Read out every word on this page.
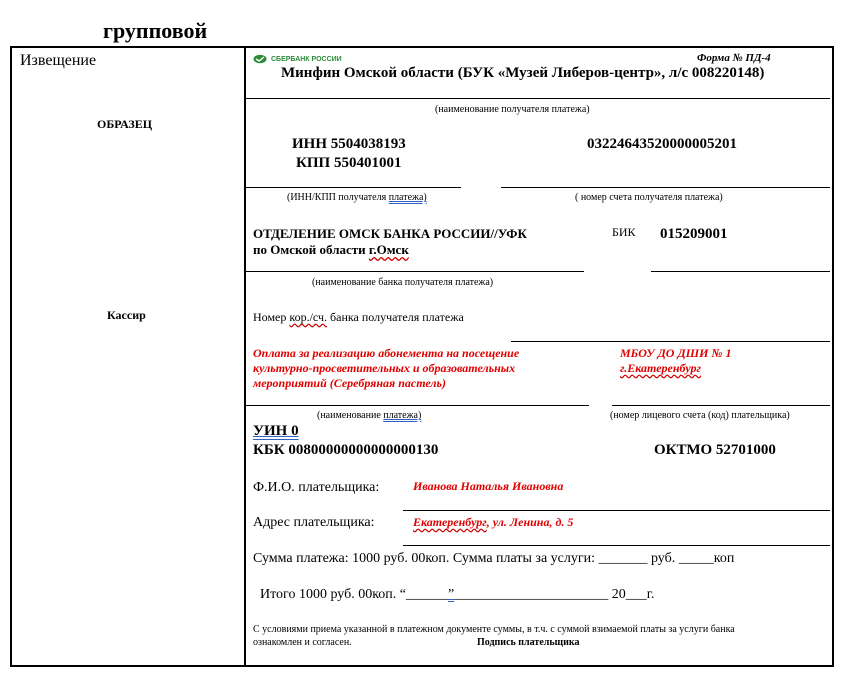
групповой
Извещение
ОБРАЗЕЦ
Кассир
СБЕРБАНК РОССИИ	Форма № ПД-4
Минфин Омской области (БУК «Музей Либеров-центр», л/с 008220148)
(наименование получателя платежа)
ИНН 5504038193
КПП 550401001
03224643520000005201
(ИНН/КПП получателя платежа)	( номер счета получателя платежа)
ОТДЕЛЕНИЕ ОМСК БАНКА РОССИИ//УФК
по Омской области г.Омск
БИК 015209001
(наименование банка получателя платежа)
Номер кор./сч. банка получателя платежа
Оплата за реализацию абонемента на посещение
культурно-просветительных и образовательных
мероприятий (Серебряная пастель)
МБОУ ДО ДШИ № 1
г.Екатеренбург
(наименование платежа)	(номер лицевого счета (код) плательщика)
УИН 0
КБК 00800000000000000130	ОКТМО 52701000
Ф.И.О. плательщика:	Иванова Наталья Ивановна
Адрес плательщика:	Екатеренбург, ул. Ленина, д. 5
Сумма платежа: 1000 руб. 00коп. Сумма платы за услуги: _______ руб. _____коп
Итого 1000 руб. 00коп. “______”______________________ 20___г.
С условиями приема указанной в платежном документе суммы, в т.ч. с суммой взимаемой платы за услуги банка
ознакомлен и согласен.	Подпись плательщика
